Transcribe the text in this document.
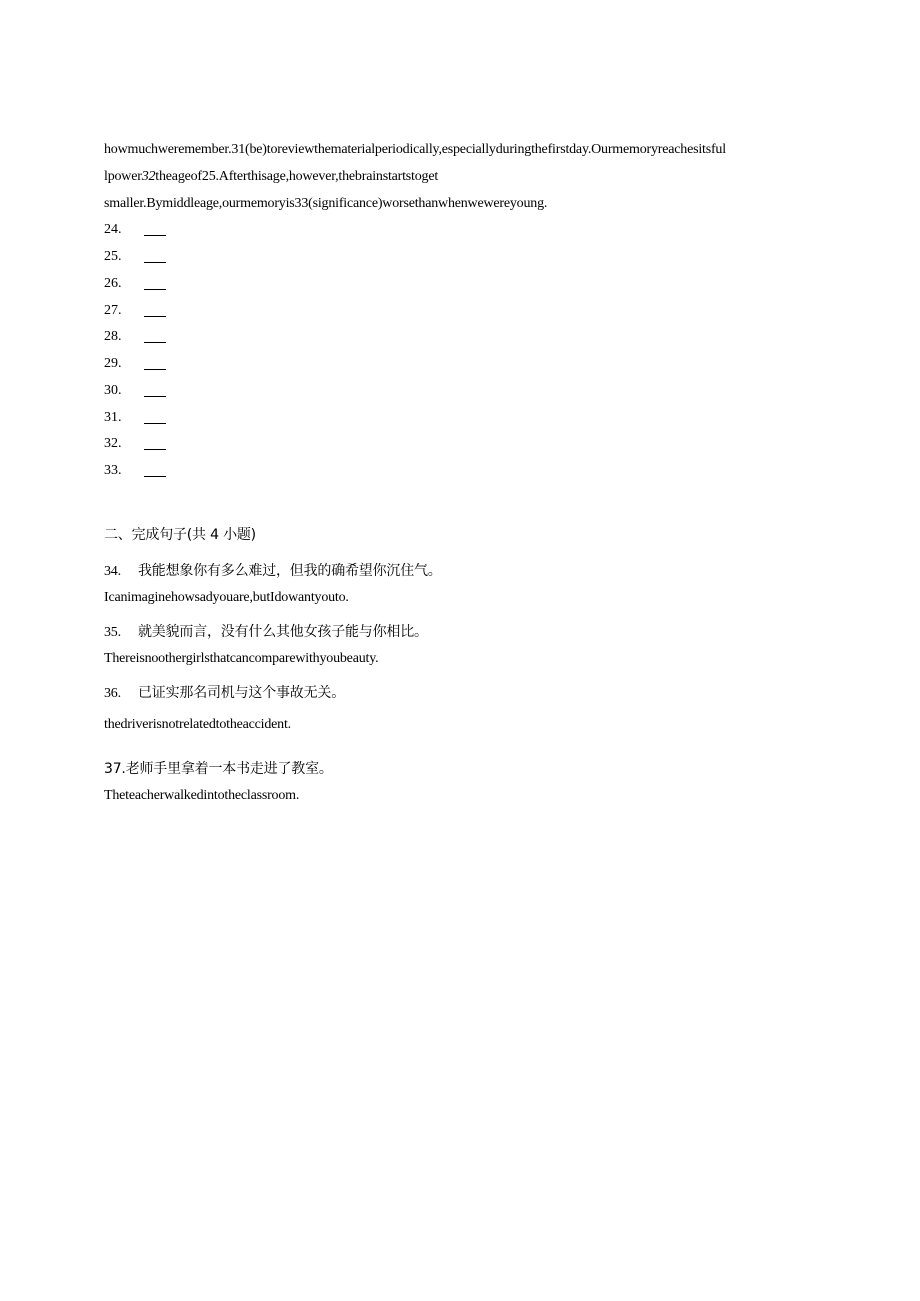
howmuchweremember.31(be)toreviewthematerialperiodically,especiallyduringthefirstday.Ourmemoryreachesitsful
lpower32theageof25.Afterthisage,however,thebrainstartstoget
smaller.Bymiddleage,ourmemoryis33(significance)worsethanwhenwewereyoung.
24.
25.
26.
27.
28.
29.
30.
31.
32.
33.
二、完成句子(共 4 小题)
34. 我能想象你有多么难过，但我的确希望你沉住气。
Icanimaginehowsadyouare,butIdowantyouto.
35. 就美貌而言，没有什么其他女孩子能与你相比。
Thereisnoothergirlsthatcancomparewithyoubeauty.
36. 已证实那名司机与这个事故无关。
thedriverisnotrelatedtotheaccident.
37.老师手里拿着一本书走进了教室。
Theteacherwalkedintotheclassroom.
